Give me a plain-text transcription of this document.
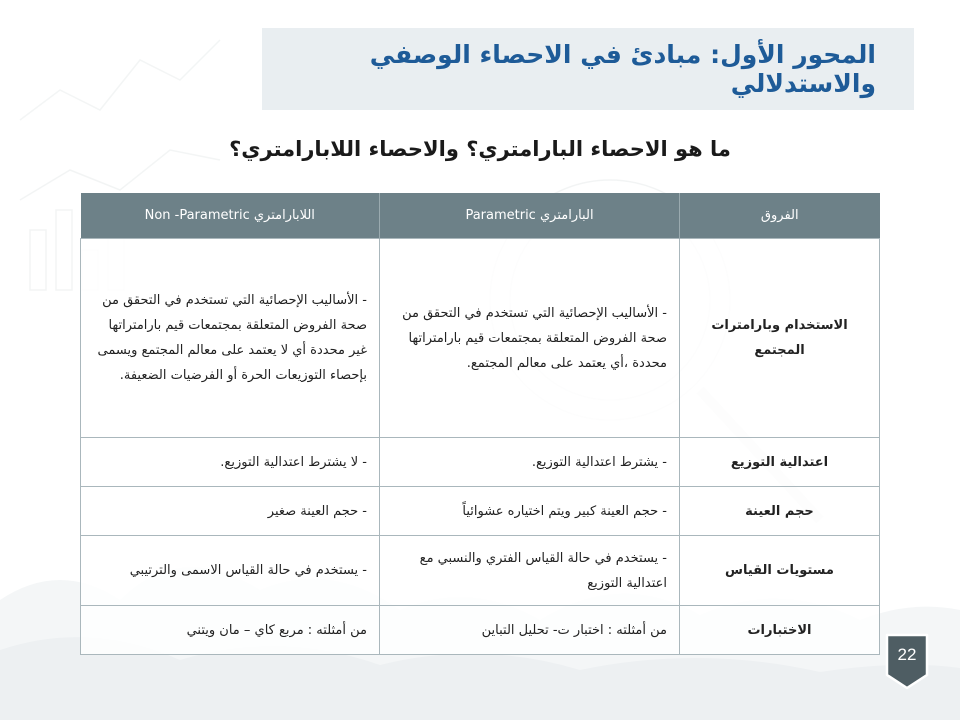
المحور الأول: مبادئ في الاحصاء الوصفي والاستدلالي
ما هو الاحصاء البارامتري؟ والاحصاء اللابارامتري؟
الفروق	البارامتري Parametric	اللابارامتري Non -Parametric
الاستخدام وبارامترات المجتمع	- الأساليب الإحصائية التي تستخدم في التحقق من صحة الفروض المتعلقة بمجتمعات قيم بارامتراتها محددة ،أي يعتمد على معالم المجتمع.	- الأساليب الإحصائية التي تستخدم في التحقق من صحة الفروض المتعلقة بمجتمعات قيم بارامتراتها غير محددة أي لا يعتمد على معالم المجتمع ويسمى بإحصاء التوزيعات الحرة أو الفرضيات الضعيفة.
اعتدالية التوزيع	- يشترط اعتدالية التوزيع.	- لا يشترط اعتدالية التوزيع.
حجم العينة	- حجم العينة كبير ويتم اختياره عشوائياً	- حجم العينة صغير
مستويات القياس	- يستخدم في حالة القياس الفتري والنسبي مع اعتدالية التوزيع	- يستخدم في حالة القياس الاسمى والترتيبي
الاختبارات	من أمثلته : اختبار ت- تحليل التباين	من أمثلته : مربع كاي – مان ويتني
22
